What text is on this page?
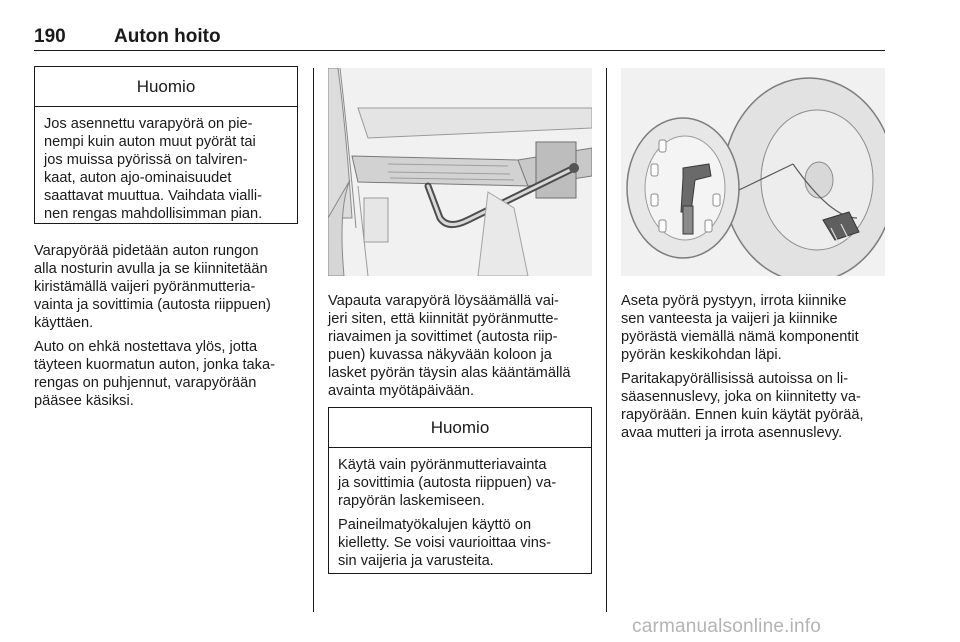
190	Auton hoito
Huomio

Jos asennettu varapyörä on pie-
nempi kuin auton muut pyörät tai
jos muissa pyörissä on talviren-
kaat, auton ajo-ominaisuudet
saattavat muuttua. Vaihdata vialli-
nen rengas mahdollisimman pian.

Varapyörää pidetään auton rungon
alla nosturin avulla ja se kiinnitetään
kiristämällä vaijeri pyöränmutteria-
vainta ja sovittimia (autosta riippuen)
käyttäen.

Auto on ehkä nostettava ylös, jotta
täyteen kuormatun auton, jonka taka-
rengas on puhjennut, varapyörään
pääsee käsiksi.

Vapauta varapyörä löysäämällä vai-
jeri siten, että kiinnität pyöränmutte-
riavaimen ja sovittimet (autosta riip-
puen) kuvassa näkyvään koloon ja
lasket pyörän täysin alas kääntämällä
avainta myötäpäivään.

Huomio

Käytä vain pyöränmutteriavainta
ja sovittimia (autosta riippuen) va-
rapyörän laskemiseen.

Paineilmatyökalujen käyttö on
kielletty. Se voisi vaurioittaa vins-
sin vaijeria ja varusteita.

Aseta pyörä pystyyn, irrota kiinnike
sen vanteesta ja vaijeri ja kiinnike
pyörästä viemällä nämä komponentit
pyörän keskikohdan läpi.

Paritakapyörällisissä autoissa on li-
säasennuslevy, joka on kiinnitetty va-
rapyörään. Ennen kuin käytät pyörää,
avaa mutteri ja irrota asennuslevy.

carmanualsonline.info
